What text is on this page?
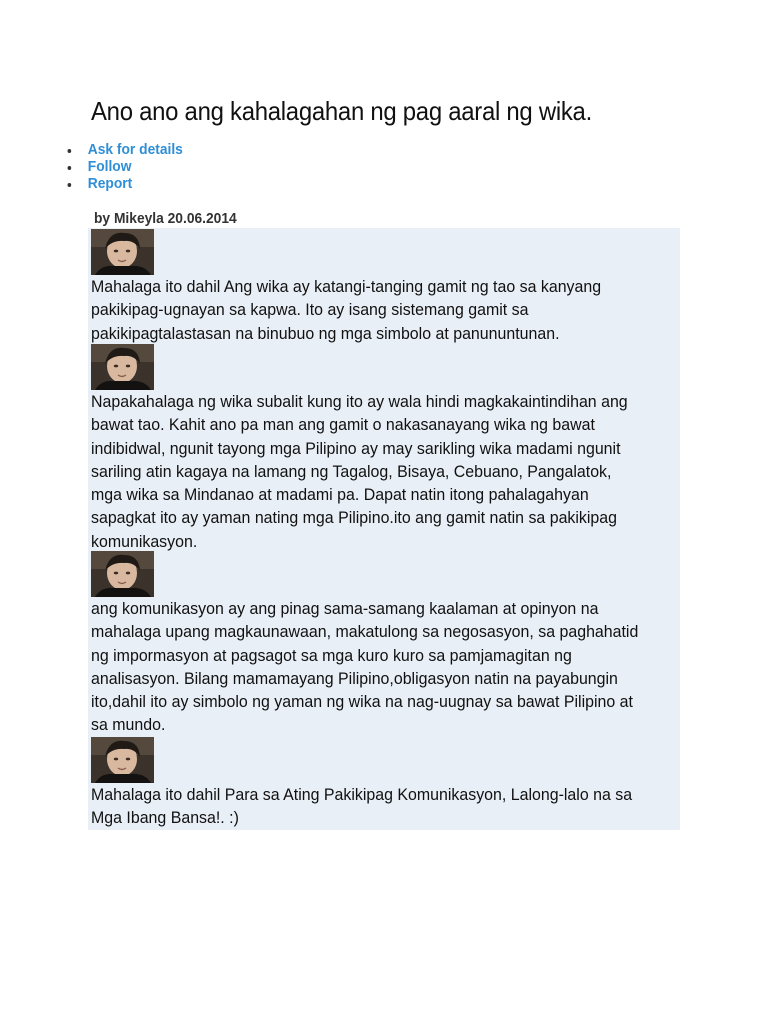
Ano ano ang kahalagahan ng pag aaral ng wika.
Ask for details
Follow
Report
by Mikeyla 20.06.2014

Mahalaga ito dahil Ang wika ay katangi-tanging gamit ng tao sa kanyang
pakikipag-ugnayan sa kapwa. Ito ay isang sistemang gamit sa
pakikipagtalastasan na binubuo ng mga simbolo at panununtunan.

Napakahalaga ng wika subalit kung ito ay wala hindi magkakaintindihan ang
bawat tao. Kahit ano pa man ang gamit o nakasanayang wika ng bawat
indibidwal, ngunit tayong mga Pilipino ay may sarikling wika madami ngunit
sariling atin kagaya na lamang ng Tagalog, Bisaya, Cebuano, Pangalatok,
mga wika sa Mindanao at madami pa. Dapat natin itong pahalagahyan
sapagkat ito ay yaman nating mga Pilipino.ito ang gamit natin sa pakikipag
komunikasyon.

ang komunikasyon ay ang pinag sama-samang kaalaman at opinyon na
mahalaga upang magkaunawaan, makatulong sa negosasyon, sa paghahatid
ng impormasyon at pagsagot sa mga kuro kuro sa pamjamagitan ng
analisasyon. Bilang mamamayang Pilipino,obligasyon natin na payabungin
ito,dahil ito ay simbolo ng yaman ng wika na nag-uugnay sa bawat Pilipino at
sa mundo.

Mahalaga ito dahil Para sa Ating Pakikipag Komunikasyon, Lalong-lalo na sa
Mga Ibang Bansa!. :)
